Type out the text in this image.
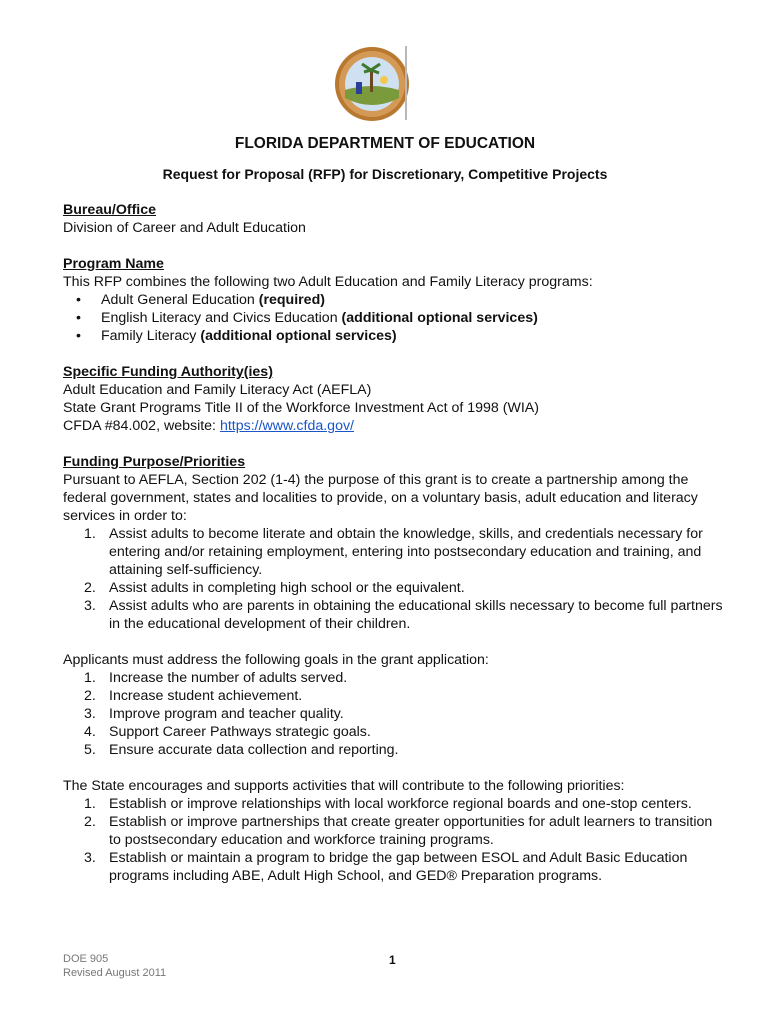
FLORIDA DEPARTMENT OF EDUCATION
Request for Proposal (RFP) for Discretionary, Competitive Projects
Bureau/Office
Division of Career and Adult Education
Program Name
This RFP combines the following two Adult Education and Family Literacy programs:
• Adult General Education (required)
• English Literacy and Civics Education (additional optional services)
• Family Literacy (additional optional services)
Specific Funding Authority(ies)
Adult Education and Family Literacy Act (AEFLA)
State Grant Programs Title II of the Workforce Investment Act of 1998 (WIA)
CFDA #84.002, website: https://www.cfda.gov/
Funding Purpose/Priorities
Pursuant to AEFLA, Section 202 (1-4) the purpose of this grant is to create a partnership among the federal government, states and localities to provide, on a voluntary basis, adult education and literacy services in order to:
1. Assist adults to become literate and obtain the knowledge, skills, and credentials necessary for entering and/or retaining employment, entering into postsecondary education and training, and attaining self-sufficiency.
2. Assist adults in completing high school or the equivalent.
3. Assist adults who are parents in obtaining the educational skills necessary to become full partners in the educational development of their children.
Applicants must address the following goals in the grant application:
1. Increase the number of adults served.
2. Increase student achievement.
3. Improve program and teacher quality.
4. Support Career Pathways strategic goals.
5. Ensure accurate data collection and reporting.
The State encourages and supports activities that will contribute to the following priorities:
1. Establish or improve relationships with local workforce regional boards and one-stop centers.
2. Establish or improve partnerships that create greater opportunities for adult learners to transition to postsecondary education and workforce training programs.
3. Establish or maintain a program to bridge the gap between ESOL and Adult Basic Education programs including ABE, Adult High School, and GED® Preparation programs.
DOE 905
Revised August 2011
1
